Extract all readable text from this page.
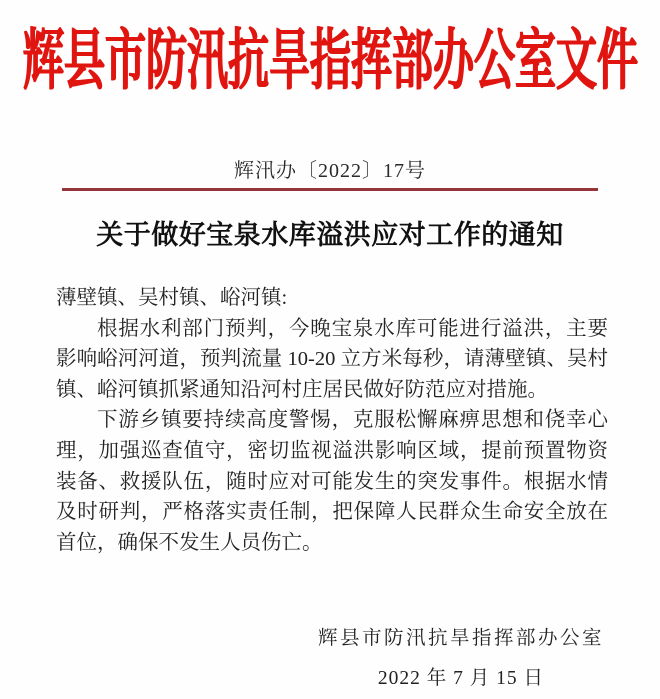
辉县市防汛抗旱指挥部办公室文件
辉汛办〔2022〕17号
关于做好宝泉水库溢洪应对工作的通知
薄壁镇、吴村镇、峪河镇:
根据水利部门预判，今晚宝泉水库可能进行溢洪，主要影响峪河河道，预判流量 10-20 立方米每秒，请薄壁镇、吴村镇、峪河镇抓紧通知沿河村庄居民做好防范应对措施。
下游乡镇要持续高度警惕，克服松懈麻痹思想和侥幸心理，加强巡查值守，密切监视溢洪影响区域，提前预置物资装备、救援队伍，随时应对可能发生的突发事件。根据水情及时研判，严格落实责任制，把保障人民群众生命安全放在首位，确保不发生人员伤亡。
辉县市防汛抗旱指挥部办公室
2022 年 7 月 15 日
